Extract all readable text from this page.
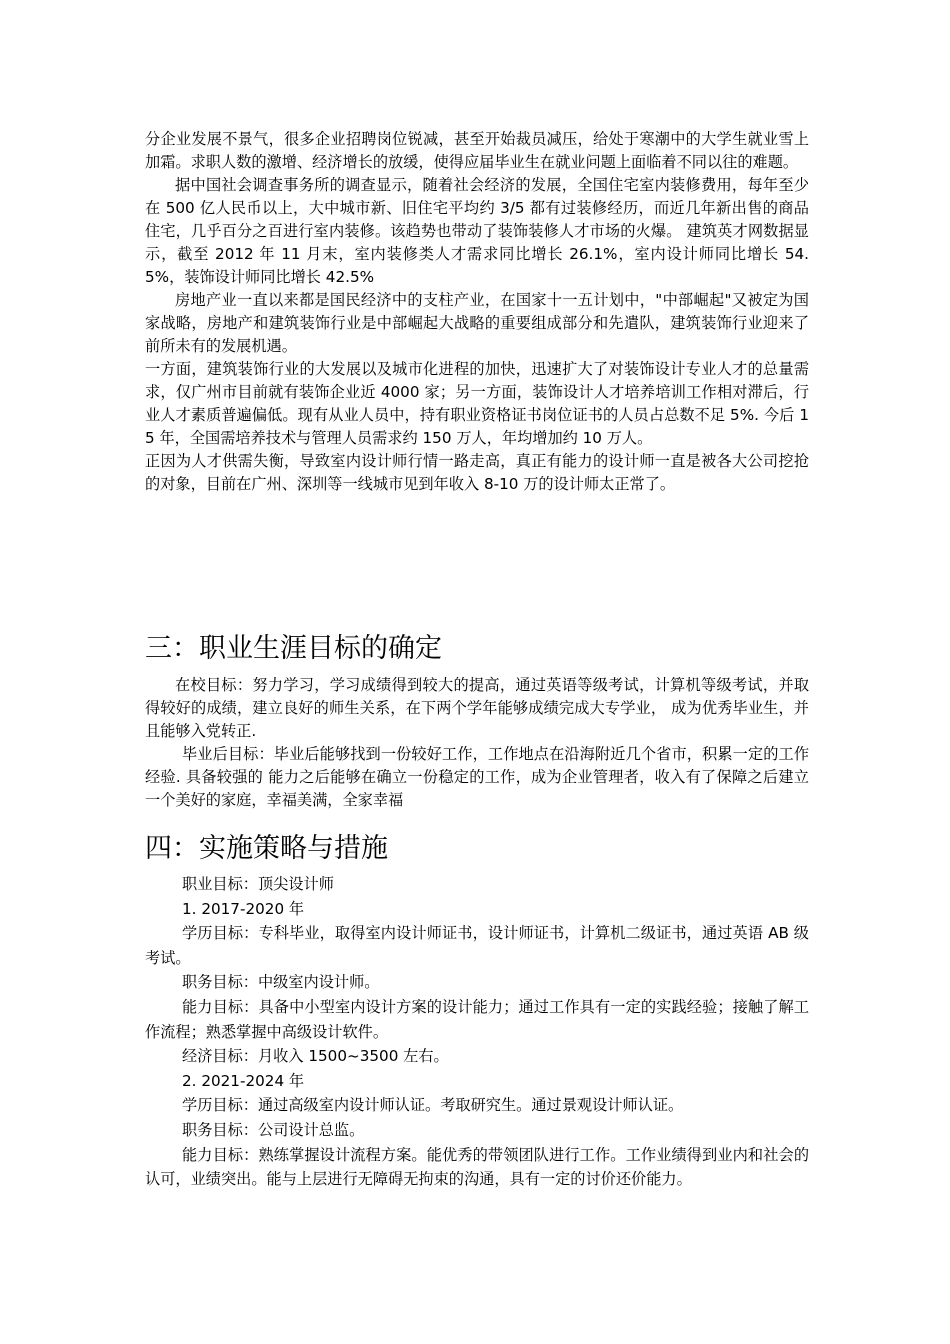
分企业发展不景气，很多企业招聘岗位锐减，甚至开始裁员减压，给处于寒潮中的大学生就业雪上加霜。求职人数的激增、经济增长的放缓，使得应届毕业生在就业问题上面临着不同以往的难题。

据中国社会调查事务所的调查显示，随着社会经济的发展，全国住宅室内装修费用，每年至少在 500 亿人民币以上，大中城市新、旧住宅平均约 3/5 都有过装修经历，而近几年新出售的商品住宅，几乎百分之百进行室内装修。该趋势也带动了装饰装修人才市场的火爆。 建筑英才网数据显示，截至 2012 年 11 月末，室内装修类人才需求同比增长 26.1%，室内设计师同比增长 54.5%，装饰设计师同比增长 42.5%

房地产业一直以来都是国民经济中的支柱产业，在国家十一五计划中，"中部崛起"又被定为国家战略，房地产和建筑装饰行业是中部崛起大战略的重要组成部分和先遣队，建筑装饰行业迎来了前所未有的发展机遇。

一方面，建筑装饰行业的大发展以及城市化进程的加快，迅速扩大了对装饰设计专业人才的总量需求，仅广州市目前就有装饰企业近 4000 家；另一方面，装饰设计人才培养培训工作相对滞后，行业人才素质普遍偏低。现有从业人员中，持有职业资格证书岗位证书的人员占总数不足 5%. 今后 15 年，全国需培养技术与管理人员需求约 150 万人，年均增加约 10 万人。

正因为人才供需失衡，导致室内设计师行情一路走高，真正有能力的设计师一直是被各大公司挖抢的对象，目前在广州、深圳等一线城市见到年收入 8-10 万的设计师太正常了。

三：职业生涯目标的确定

在校目标：努力学习，学习成绩得到较大的提高，通过英语等级考试，计算机等级考试，并取得较好的成绩，建立良好的师生关系，在下两个学年能够成绩完成大专学业， 成为优秀毕业生，并且能够入党转正.

毕业后目标：毕业后能够找到一份较好工作，工作地点在沿海附近几个省市，积累一定的工作经验. 具备较强的 能力之后能够在确立一份稳定的工作，成为企业管理者，收入有了保障之后建立一个美好的家庭，幸福美满，全家幸福

四：实施策略与措施

职业目标：顶尖设计师

1. 2017-2020 年

学历目标：专科毕业，取得室内设计师证书，设计师证书，计算机二级证书，通过英语 AB 级考试。

职务目标：中级室内设计师。

能力目标：具备中小型室内设计方案的设计能力；通过工作具有一定的实践经验；接触了解工作流程；熟悉掌握中高级设计软件。

经济目标：月收入 1500~3500 左右。

2. 2021-2024 年

学历目标：通过高级室内设计师认证。考取研究生。通过景观设计师认证。

职务目标：公司设计总监。

能力目标：熟练掌握设计流程方案。能优秀的带领团队进行工作。工作业绩得到业内和社会的认可，业绩突出。能与上层进行无障碍无拘束的沟通，具有一定的讨价还价能力。
